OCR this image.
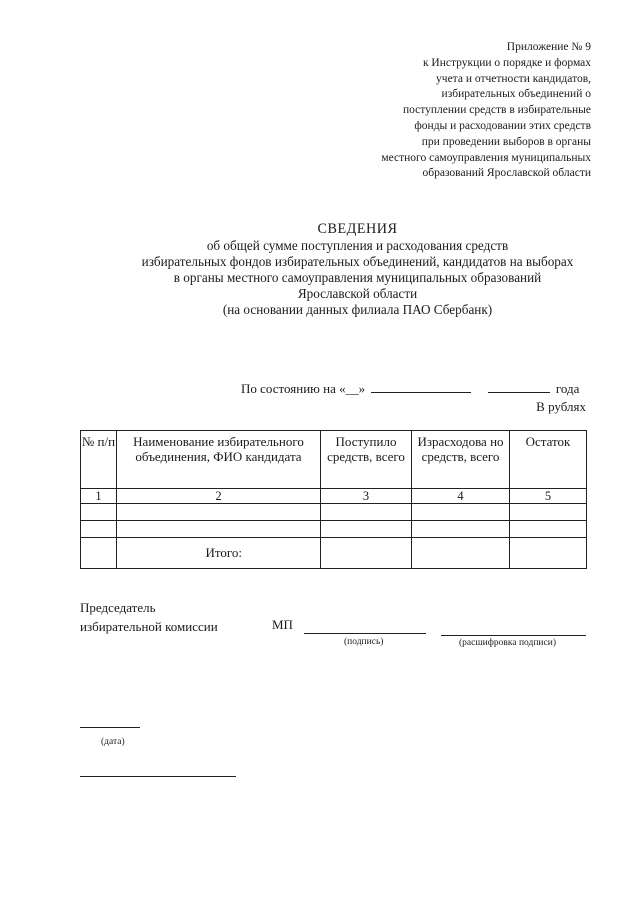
Приложение № 9
к Инструкции о порядке и формах
учета и отчетности кандидатов,
избирательных объединений о
поступлении средств в избирательные
фонды и расходовании этих средств
при проведении выборов в органы
местного самоуправления муниципальных
образований Ярославской области
СВЕДЕНИЯ
об общей сумме поступления и расходования средств
избирательных фондов избирательных объединений, кандидатов на выборах
в органы местного самоуправления муниципальных образований
Ярославской области
(на основании данных филиала ПАО Сбербанк)
По состоянию на «__»	года
В рублях
№ п/п	Наименование избирательного объединения, ФИО кандидата	Поступило средств, всего	Израсходова но средств, всего	Остаток
1	2	3	4	5

	Итого:			
Председатель
избирательной комиссии	МП
(подпись)	(расшифровка подписи)
(дата)
